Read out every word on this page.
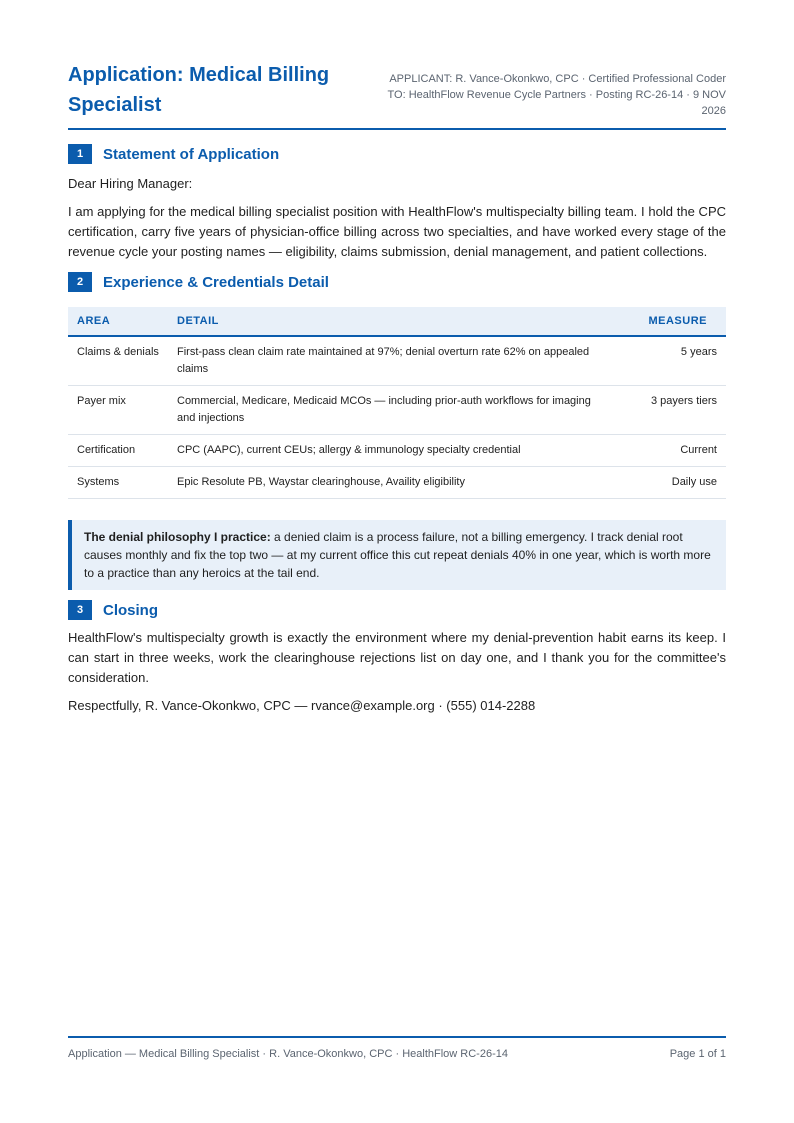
Application: Medical Billing Specialist
APPLICANT: R. Vance-Okonkwo, CPC · Certified Professional Coder
TO: HealthFlow Revenue Cycle Partners · Posting RC-26-14 · 9 NOV 2026
1	Statement of Application

Dear Hiring Manager:

I am applying for the medical billing specialist position with HealthFlow's multispecialty billing team. I hold the CPC certification, carry five years of physician-office billing across two specialties, and have worked every stage of the revenue cycle your posting names — eligibility, claims submission, denial management, and patient collections.

2	Experience & Credentials Detail
AREA	DETAIL	MEASURE
Claims & denials	First-pass clean claim rate maintained at 97%; denial overturn rate 62% on appealed claims	5 years
Payer mix	Commercial, Medicare, Medicaid MCOs — including prior-auth workflows for imaging and injections	3 payers tiers
Certification	CPC (AAPC), current CEUs; allergy & immunology specialty credential	Current
Systems	Epic Resolute PB, Waystar clearinghouse, Availity eligibility	Daily use
The denial philosophy I practice: a denied claim is a process failure, not a billing emergency. I track denial root causes monthly and fix the top two — at my current office this cut repeat denials 40% in one year, which is worth more to a practice than any heroics at the tail end.
3	Closing

HealthFlow's multispecialty growth is exactly the environment where my denial-prevention habit earns its keep. I can start in three weeks, work the clearinghouse rejections list on day one, and I thank you for the committee's consideration.

Respectfully, R. Vance-Okonkwo, CPC — rvance@example.org · (555) 014-2288

Application — Medical Billing Specialist · R. Vance-Okonkwo, CPC · HealthFlow RC-26-14	Page 1 of 1
